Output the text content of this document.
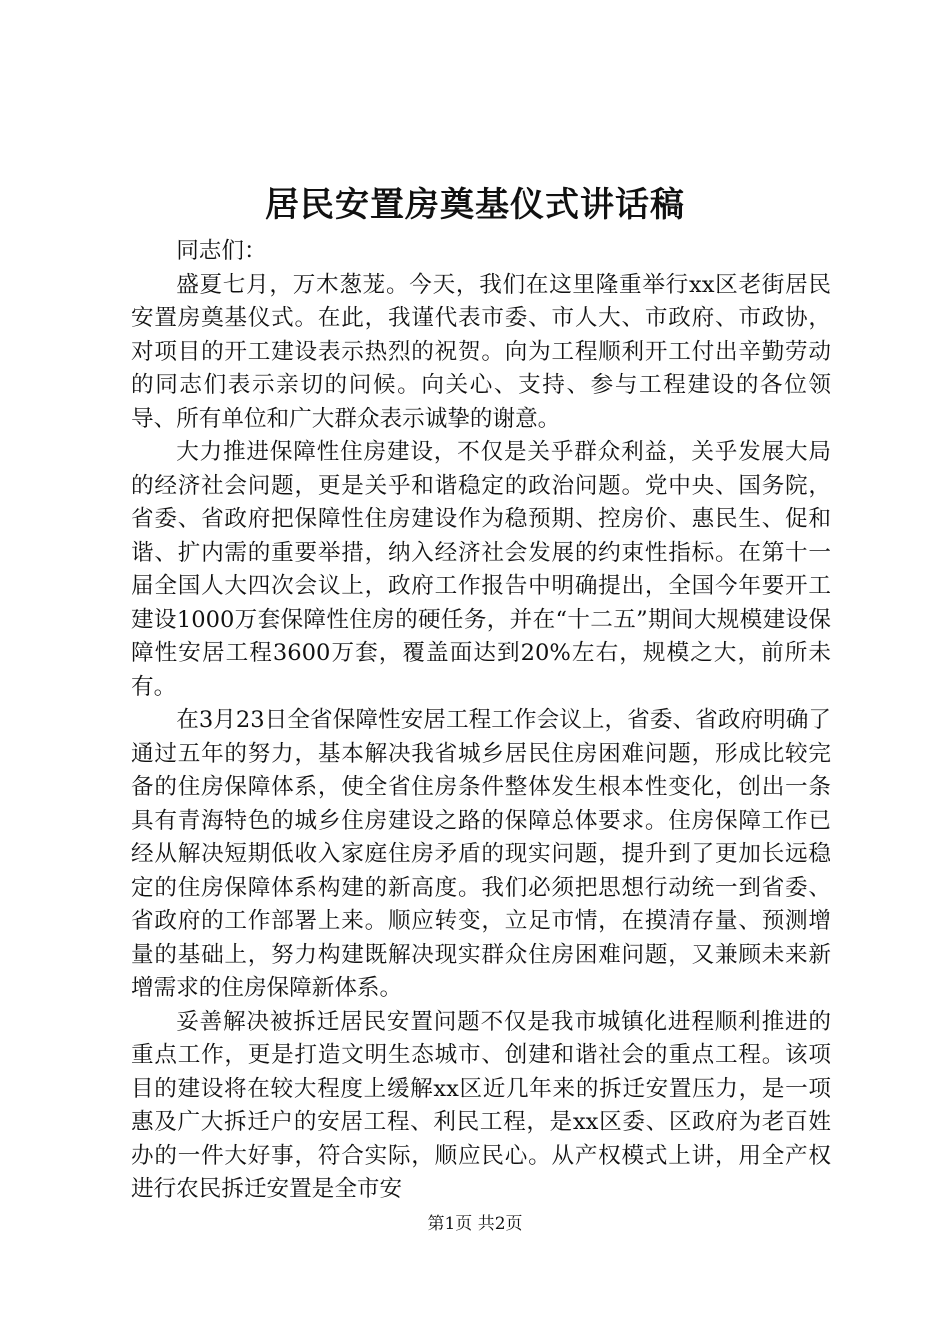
居民安置房奠基仪式讲话稿

同志们：

盛夏七月，万木葱茏。今天，我们在这里隆重举行xx区老街居民安置房奠基仪式。在此，我谨代表市委、市人大、市政府、市政协，对项目的开工建设表示热烈的祝贺。向为工程顺利开工付出辛勤劳动的同志们表示亲切的问候。向关心、支持、参与工程建设的各位领导、所有单位和广大群众表示诚挚的谢意。

大力推进保障性住房建设，不仅是关乎群众利益，关乎发展大局的经济社会问题，更是关乎和谐稳定的政治问题。党中央、国务院，省委、省政府把保障性住房建设作为稳预期、控房价、惠民生、促和谐、扩内需的重要举措，纳入经济社会发展的约束性指标。在第十一届全国人大四次会议上，政府工作报告中明确提出，全国今年要开工建设1000万套保障性住房的硬任务，并在“十二五”期间大规模建设保障性安居工程3600万套，覆盖面达到20%左右，规模之大，前所未有。

在3月23日全省保障性安居工程工作会议上，省委、省政府明确了通过五年的努力，基本解决我省城乡居民住房困难问题，形成比较完备的住房保障体系，使全省住房条件整体发生根本性变化，创出一条具有青海特色的城乡住房建设之路的保障总体要求。住房保障工作已经从解决短期低收入家庭住房矛盾的现实问题，提升到了更加长远稳定的住房保障体系构建的新高度。我们必须把思想行动统一到省委、省政府的工作部署上来。顺应转变，立足市情，在摸清存量、预测增量的基础上，努力构建既解决现实群众住房困难问题，又兼顾未来新增需求的住房保障新体系。

妥善解决被拆迁居民安置问题不仅是我市城镇化进程顺利推进的重点工作，更是打造文明生态城市、创建和谐社会的重点工程。该项目的建设将在较大程度上缓解xx区近几年来的拆迁安置压力，是一项惠及广大拆迁户的安居工程、利民工程，是xx区委、区政府为老百姓办的一件大好事，符合实际，顺应民心。从产权模式上讲，用全产权进行农民拆迁安置是全市安

第1页 共2页
